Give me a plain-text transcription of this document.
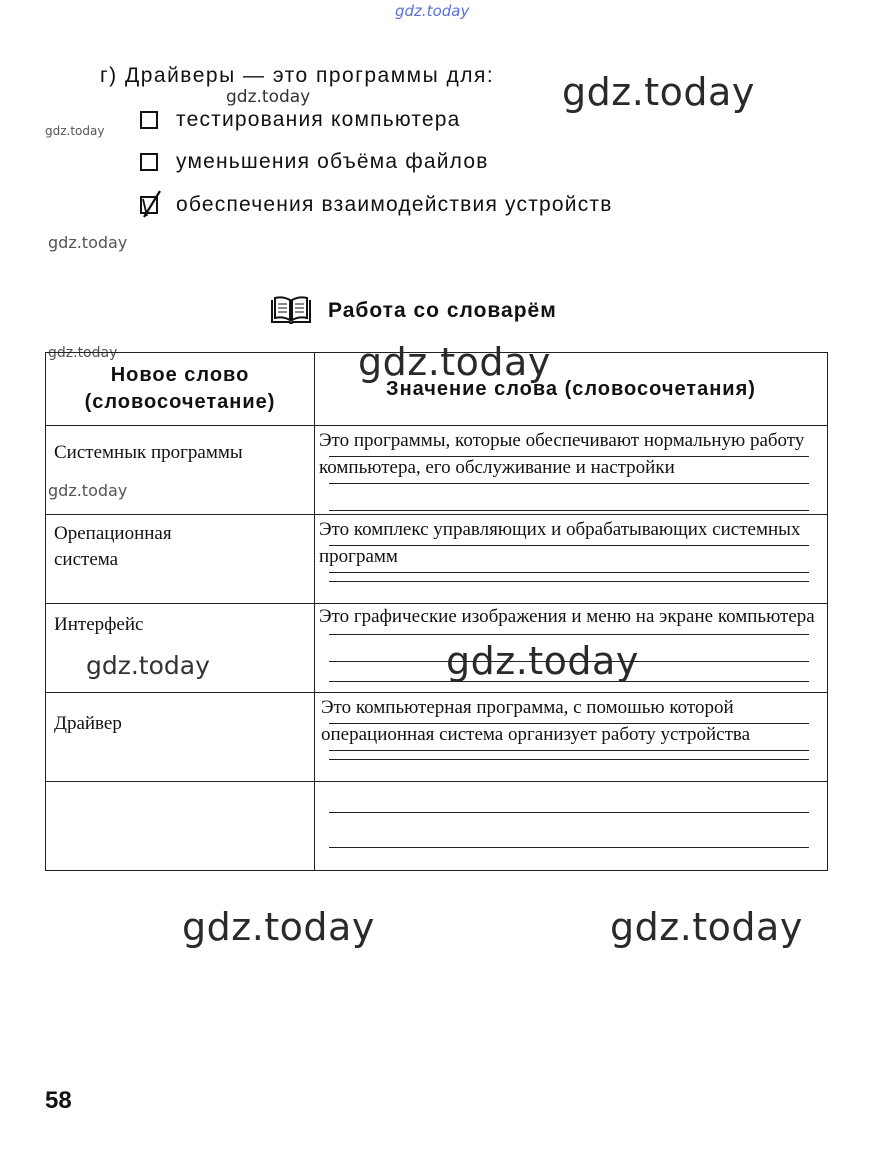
gdz.today
gdz.today
gdz.today
gdz.today
gdz.today
gdz.today	gdz.today
gdz.today
gdz.today	gdz.today
gdz.today	gdz.today
г) Драйверы — это программы для:
тестирования компьютера
уменьшения объёма файлов
обеспечения взаимодействия устройств
Работа со словарём
Новое слово (словосочетание)	Значение слова (словосочетания)

Системнык программы	Это программы, которые обеспечивают нормальную работу компьютера, его обслуживание и настройки

Орепационная система	Это комплекс управляющих и обрабатывающих системных программ

Интерфейс	Это графические изображения и меню на экране компьютера

Драйвер	Это компьютерная программа, с помошью которой операционная система организует работу устройства

58
